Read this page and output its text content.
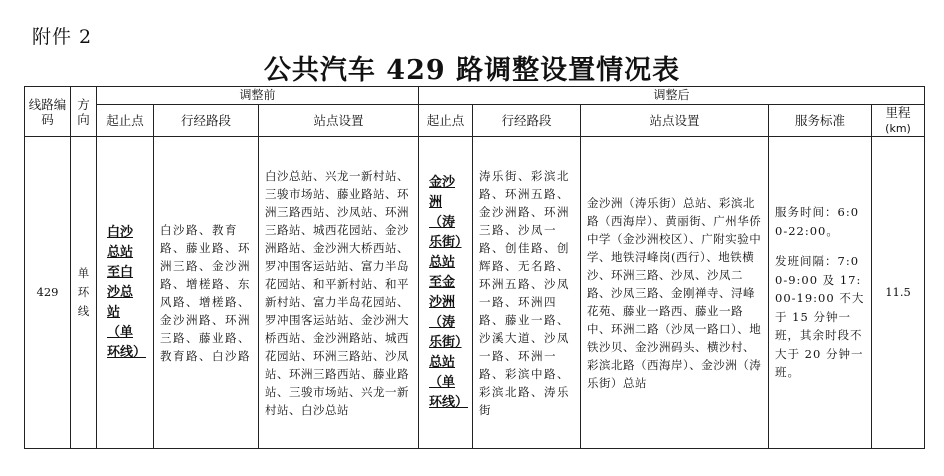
附件 2
公共汽车 429 路调整设置情况表
线路编码	方向	调整前			调整后				
		起止点	行经路段	站点设置	起止点	行经路段	站点设置	服务标准	里程
(km)
429	单环线	白沙总站至白沙总站（单环线）	白沙路、教育路、藤业路、环洲三路、金沙洲路、增槎路、东风路、增槎路、金沙洲路、环洲三路、藤业路、教育路、白沙路	白沙总站、兴龙一新村站、三骏市场站、藤业路站、环洲三路西站、沙凤站、环洲三路站、城西花园站、金沙洲路站、金沙洲大桥西站、罗冲围客运站站、富力半岛花园站、和平新村站、和平新村站、富力半岛花园站、罗冲围客运站站、金沙洲大桥西站、金沙洲路站、城西花园站、环洲三路站、沙凤站、环洲三路西站、藤业路站、三骏市场站、兴龙一新村站、白沙总站	金沙洲（涛乐街）总站至金沙洲（涛乐街）总站（单环线）	涛乐街、彩滨北路、环洲五路、金沙洲路、环洲三路、沙凤一路、创佳路、创辉路、无名路、环洲五路、沙凤一路、环洲四路、藤业一路、沙溪大道、沙凤一路、环洲一路、彩滨中路、彩滨北路、涛乐街	金沙洲（涛乐街）总站、彩滨北路（西海岸）、黄丽街、广州华侨中学（金沙洲校区）、广附实验中学、地铁浔峰岗(西行）、地铁横沙、环洲三路、沙凤、沙凤二路、沙凤三路、金刚禅寺、浔峰花苑、藤业一路西、藤业一路中、环洲二路（沙凤一路口）、地铁沙贝、金沙洲码头、横沙村、彩滨北路（西海岸）、金沙洲（涛乐街）总站	服务时间：6:00-22:00。

发班间隔：7:00-9:00 及 17:00-19:00 不大于 15 分钟一班，其余时段不大于 20 分钟一班。	11.5
